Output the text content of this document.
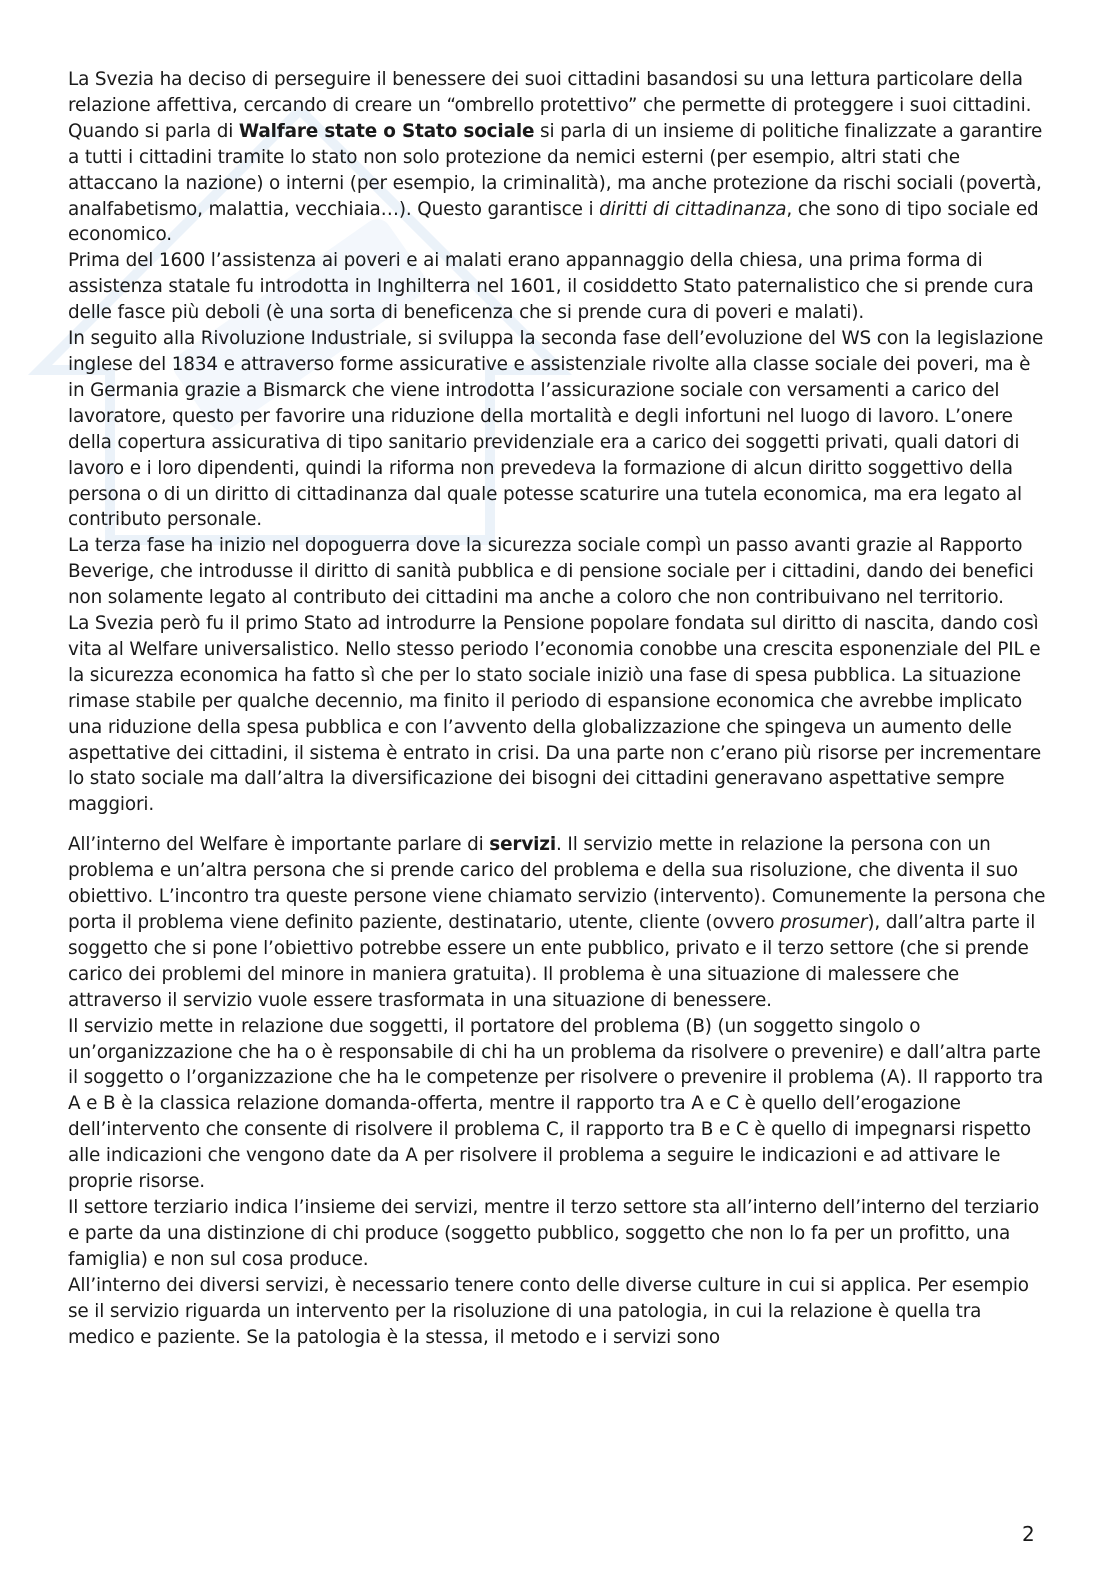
La Svezia ha deciso di perseguire il benessere dei suoi cittadini basandosi su una lettura particolare della relazione affettiva, cercando di creare un “ombrello protettivo” che permette di proteggere i suoi cittadini.

Quando si parla di Walfare state o Stato sociale si parla di un insieme di politiche finalizzate a garantire a tutti i cittadini tramite lo stato non solo protezione da nemici esterni (per esempio, altri stati che attaccano la nazione) o interni (per esempio, la criminalità), ma anche protezione da rischi sociali (povertà, analfabetismo, malattia, vecchiaia…). Questo garantisce i diritti di cittadinanza, che sono di tipo sociale ed economico.

Prima del 1600 l’assistenza ai poveri e ai malati erano appannaggio della chiesa, una prima forma di assistenza statale fu introdotta in Inghilterra nel 1601, il cosiddetto Stato paternalistico che si prende cura delle fasce più deboli (è una sorta di beneficenza che si prende cura di poveri e malati).

In seguito alla Rivoluzione Industriale, si sviluppa la seconda fase dell’evoluzione del WS con la legislazione inglese del 1834 e attraverso forme assicurative e assistenziale rivolte alla classe sociale dei poveri, ma è in Germania grazie a Bismarck che viene introdotta l’assicurazione sociale con versamenti a carico del lavoratore, questo per favorire una riduzione della mortalità e degli infortuni nel luogo di lavoro. L’onere della copertura assicurativa di tipo sanitario previdenziale era a carico dei soggetti privati, quali datori di lavoro e i loro dipendenti, quindi la riforma non prevedeva la formazione di alcun diritto soggettivo della persona o di un diritto di cittadinanza dal quale potesse scaturire una tutela economica, ma era legato al contributo personale.

La terza fase ha inizio nel dopoguerra dove la sicurezza sociale compì un passo avanti grazie al Rapporto Beverige, che introdusse il diritto di sanità pubblica e di pensione sociale per i cittadini, dando dei benefici non solamente legato al contributo dei cittadini ma anche a coloro che non contribuivano nel territorio.

La Svezia però fu il primo Stato ad introdurre la Pensione popolare fondata sul diritto di nascita, dando così vita al Welfare universalistico. Nello stesso periodo l’economia conobbe una crescita esponenziale del PIL e la sicurezza economica ha fatto sì che per lo stato sociale iniziò una fase di spesa pubblica. La situazione rimase stabile per qualche decennio, ma finito il periodo di espansione economica che avrebbe implicato una riduzione della spesa pubblica e con l’avvento della globalizzazione che spingeva un aumento delle aspettative dei cittadini, il sistema è entrato in crisi. Da una parte non c’erano più risorse per incrementare lo stato sociale ma dall’altra la diversificazione dei bisogni dei cittadini generavano aspettative sempre maggiori.

All’interno del Welfare è importante parlare di servizi. Il servizio mette in relazione la persona con un problema e un’altra persona che si prende carico del problema e della sua risoluzione, che diventa il suo obiettivo. L’incontro tra queste persone viene chiamato servizio (intervento). Comunemente la persona che porta il problema viene definito paziente, destinatario, utente, cliente (ovvero prosumer), dall’altra parte il soggetto che si pone l’obiettivo potrebbe essere un ente pubblico, privato e il terzo settore (che si prende carico dei problemi del minore in maniera gratuita). Il problema è una situazione di malessere che attraverso il servizio vuole essere trasformata in una situazione di benessere.

Il servizio mette in relazione due soggetti, il portatore del problema (B) (un soggetto singolo o un’organizzazione che ha o è responsabile di chi ha un problema da risolvere o prevenire) e dall’altra parte il soggetto o l’organizzazione che ha le competenze per risolvere o prevenire il problema (A). Il rapporto tra A e B è la classica relazione domanda-offerta, mentre il rapporto tra A e C è quello dell’erogazione dell’intervento che consente di risolvere il problema C, il rapporto tra B e C è quello di impegnarsi rispetto alle indicazioni che vengono date da A per risolvere il problema a seguire le indicazioni e ad attivare le proprie risorse.

Il settore terziario indica l’insieme dei servizi, mentre il terzo settore sta all’interno dell’interno del terziario e parte da una distinzione di chi produce (soggetto pubblico, soggetto che non lo fa per un profitto, una famiglia) e non sul cosa produce.

All’interno dei diversi servizi, è necessario tenere conto delle diverse culture in cui si applica. Per esempio se il servizio riguarda un intervento per la risoluzione di una patologia, in cui la relazione è quella tra medico e paziente. Se la patologia è la stessa, il metodo e i servizi sono

2
